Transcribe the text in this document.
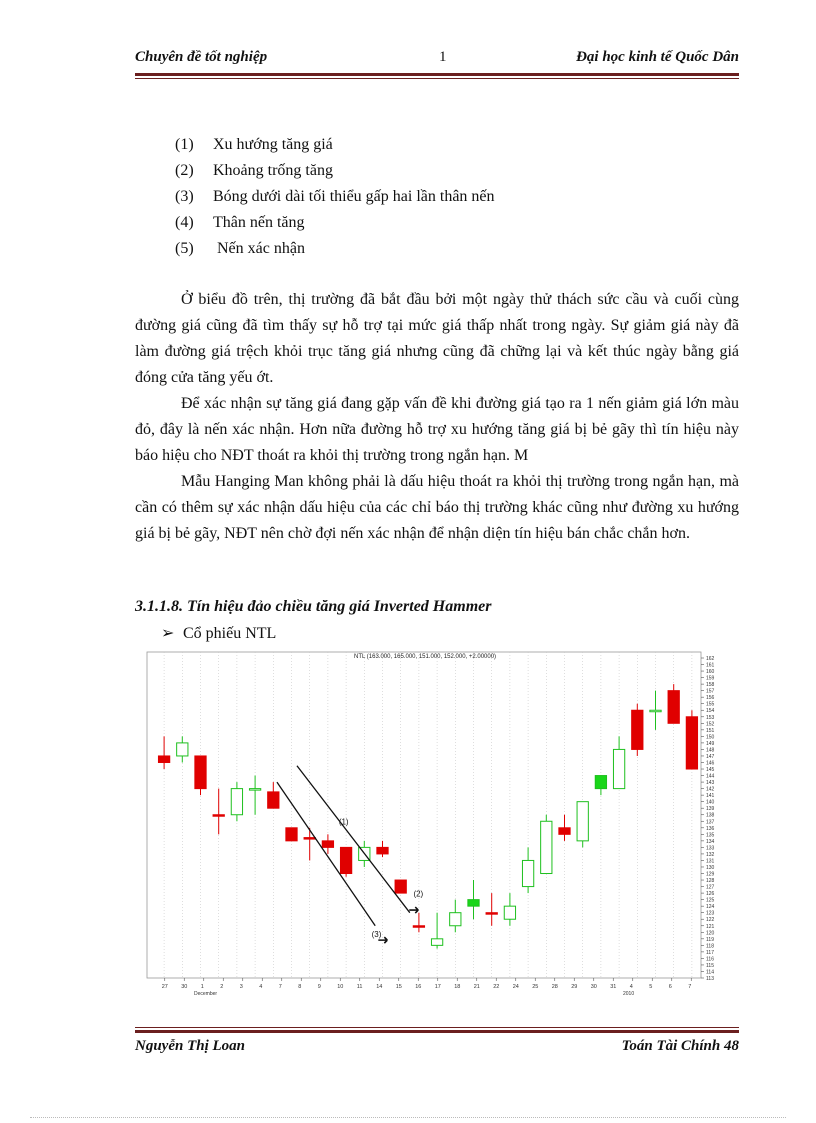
Chuyên đề tốt nghiệp	1	Đại học kinh tế Quốc Dân
(1) Xu hướng tăng giá
(2) Khoảng trống tăng
(3) Bóng dưới dài tối thiểu gấp hai lần thân nến
(4) Thân nến tăng
(5) Nến xác nhận

Ở biểu đồ trên, thị trường đã bắt đầu bởi một ngày thử thách sức cầu và cuối cùng đường giá cũng đã tìm thấy sự hỗ trợ tại mức giá thấp nhất trong ngày. Sự giảm giá này đã làm đường giá trệch khỏi trục tăng giá nhưng cũng đã chững lại và kết thúc ngày bằng giá đóng cửa tăng yếu ớt.

Để xác nhận sự tăng giá đang gặp vấn đề khi đường giá tạo ra 1 nến giảm giá lớn màu đỏ, đây là nến xác nhận. Hơn nữa đường hỗ trợ xu hướng tăng giá bị bẻ gãy thì tín hiệu này báo hiệu cho NĐT thoát ra khỏi thị trường trong ngắn hạn. M

Mẫu Hanging Man không phải là dấu hiệu thoát ra khỏi thị trường trong ngắn hạn, mà cần có thêm sự xác nhận dấu hiệu của các chỉ báo thị trường khác cũng như đường xu hướng giá bị bẻ gãy, NĐT nên chờ đợi nến xác nhận để nhận diện tín hiệu bán chắc chắn hơn.

3.1.1.8. Tín hiệu đảo chiều tăng giá Inverted Hammer
➢ Cổ phiếu NTL
(1)
(2)
(3)
113
114
115
116
117
118
119
120
121
122
123
124
125
126
127
128
129
130
131
132
133
134
135
136
137
138
139
140
141
142
143
144
145
146
147
148
149
150
151
152
153
154
155
156
157
158
159
160
161
162
27 30 1	2	3	4	7	8	9	10 11	14 15 16 17 18 21 22 24 25 28 29 30 31 4	5	6	7
December	2010
NTL (163.000, 165.000, 151.000, 152.000, +2.00000)
Nguyễn Thị Loan	Toán Tài Chính 48
